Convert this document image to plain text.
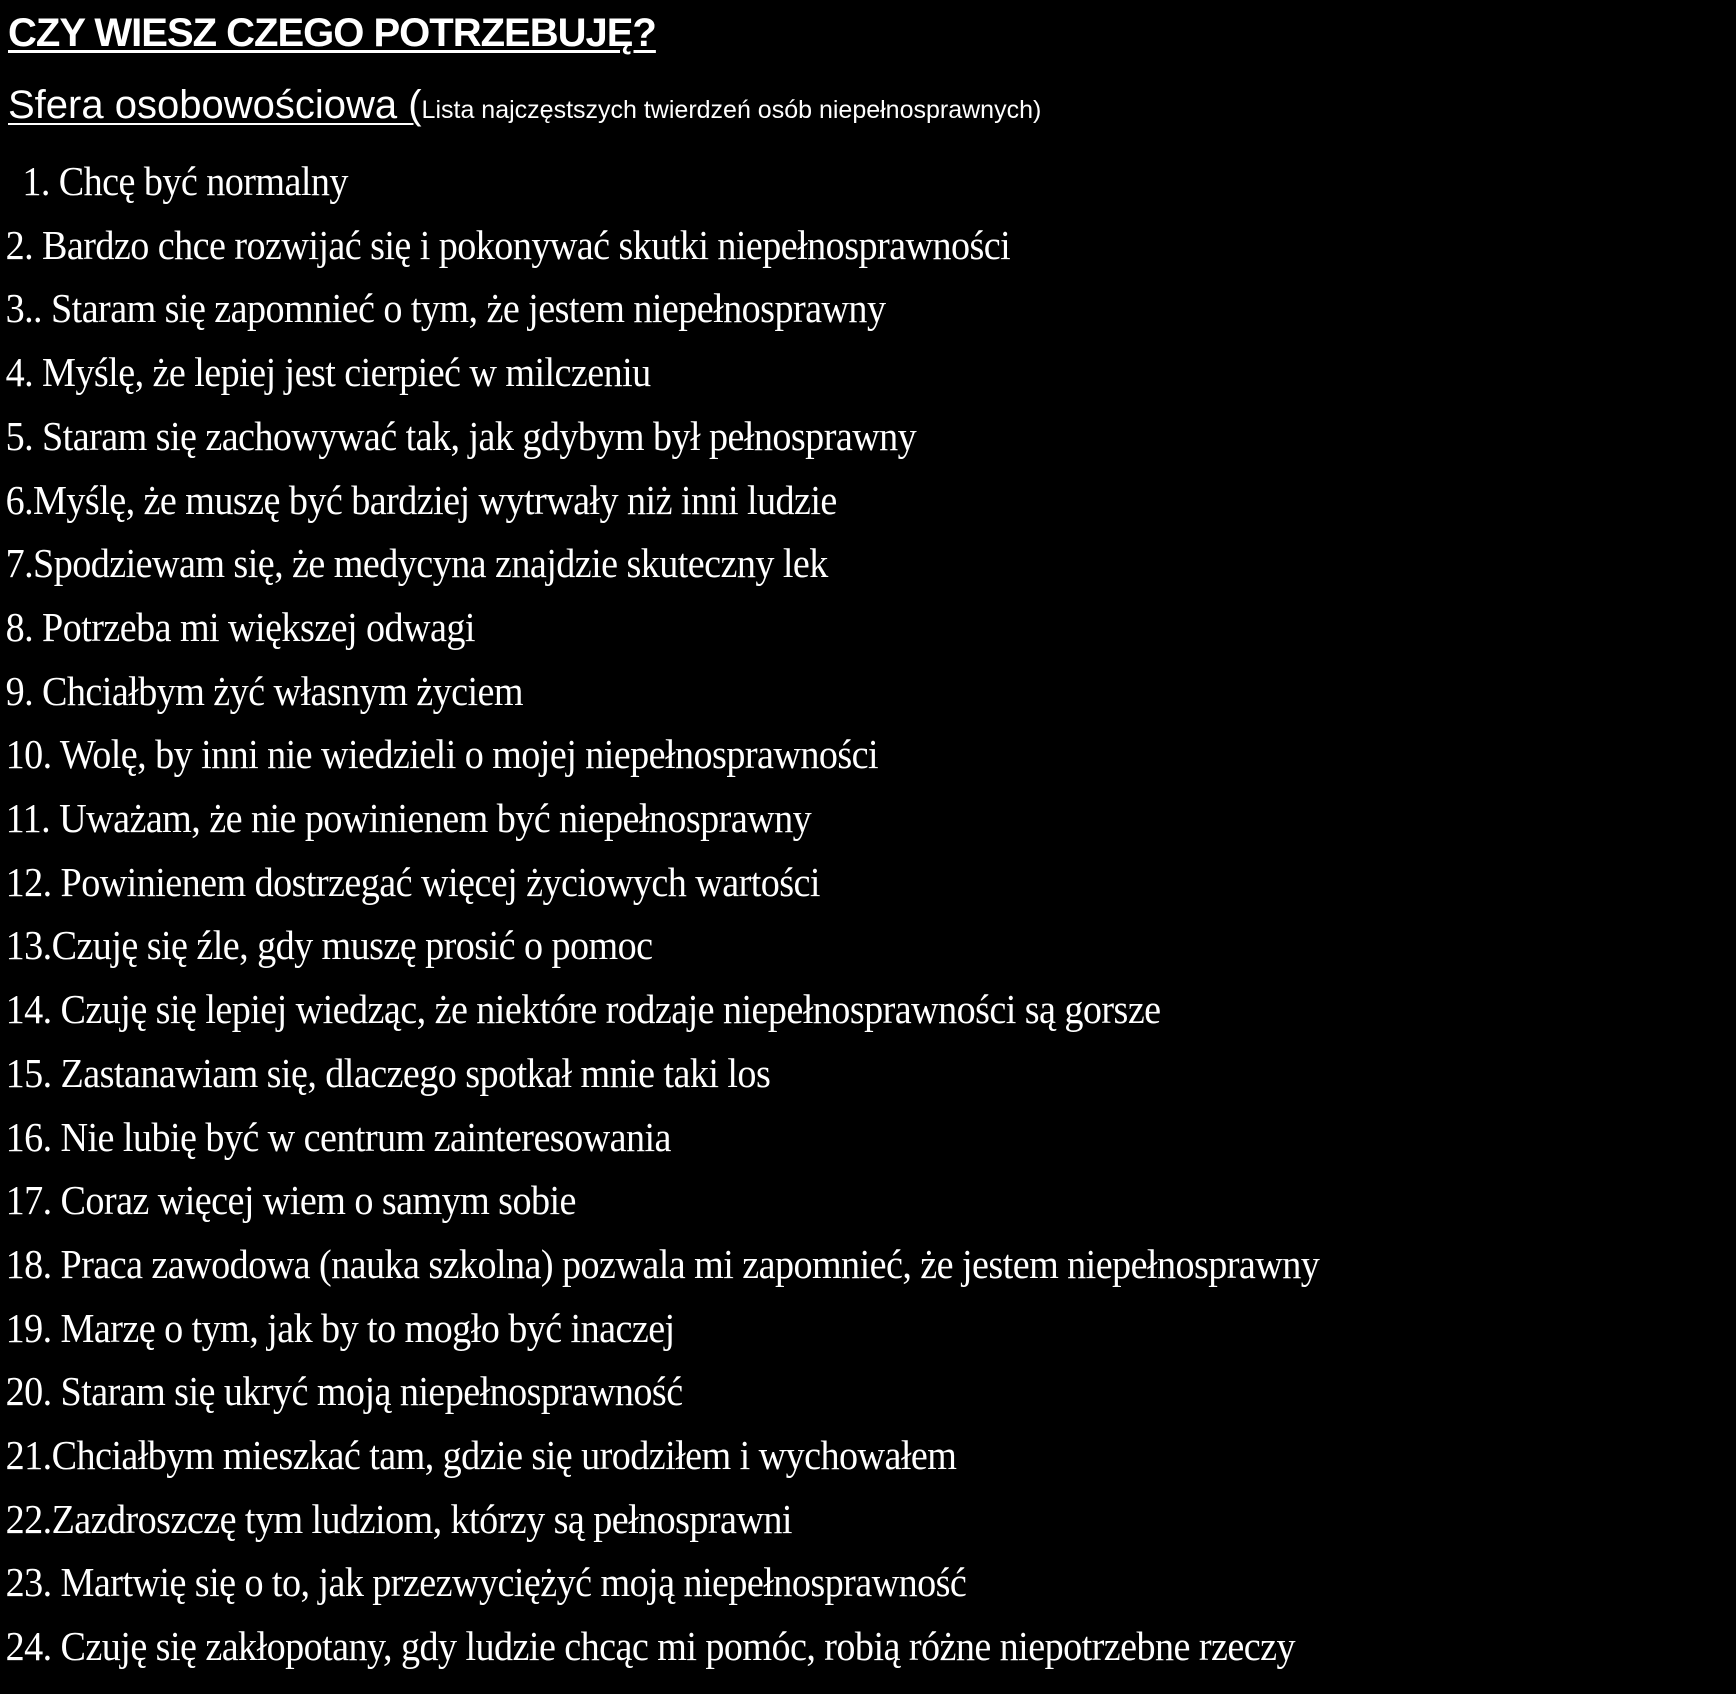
CZY WIESZ CZEGO POTRZEBUJĘ?
Sfera osobowościowa (Lista najczęstszych twierdzeń osób niepełnosprawnych)
1. Chcę być normalny
2. Bardzo chce rozwijać się i pokonywać skutki niepełnosprawności
3.. Staram się zapomnieć o tym, że jestem niepełnosprawny
4. Myślę, że lepiej jest cierpieć w milczeniu
5. Staram się zachowywać tak, jak gdybym był pełnosprawny
6.Myślę, że muszę być bardziej wytrwały niż inni ludzie
7.Spodziewam się, że medycyna znajdzie skuteczny lek
8. Potrzeba mi większej odwagi
9. Chciałbym żyć własnym życiem
10. Wolę, by inni nie wiedzieli o mojej niepełnosprawności
11. Uważam, że nie powinienem być niepełnosprawny
12. Powinienem dostrzegać więcej życiowych wartości
13.Czuję się źle, gdy muszę prosić o pomoc
14. Czuję się lepiej wiedząc, że niektóre rodzaje niepełnosprawności są gorsze
15. Zastanawiam się, dlaczego spotkał mnie taki los
16. Nie lubię być w centrum zainteresowania
17. Coraz więcej wiem o samym sobie
18. Praca zawodowa (nauka szkolna) pozwala mi zapomnieć, że jestem niepełnosprawny
19. Marzę o tym, jak by to mogło być inaczej
20. Staram się ukryć moją niepełnosprawność
21.Chciałbym mieszkać tam, gdzie się urodziłem i wychowałem
22.Zazdroszczę tym ludziom, którzy są pełnosprawni
23. Martwię się o to, jak przezwyciężyć moją niepełnosprawność
24. Czuję się zakłopotany, gdy ludzie chcąc mi pomóc, robią różne niepotrzebne rzeczy
